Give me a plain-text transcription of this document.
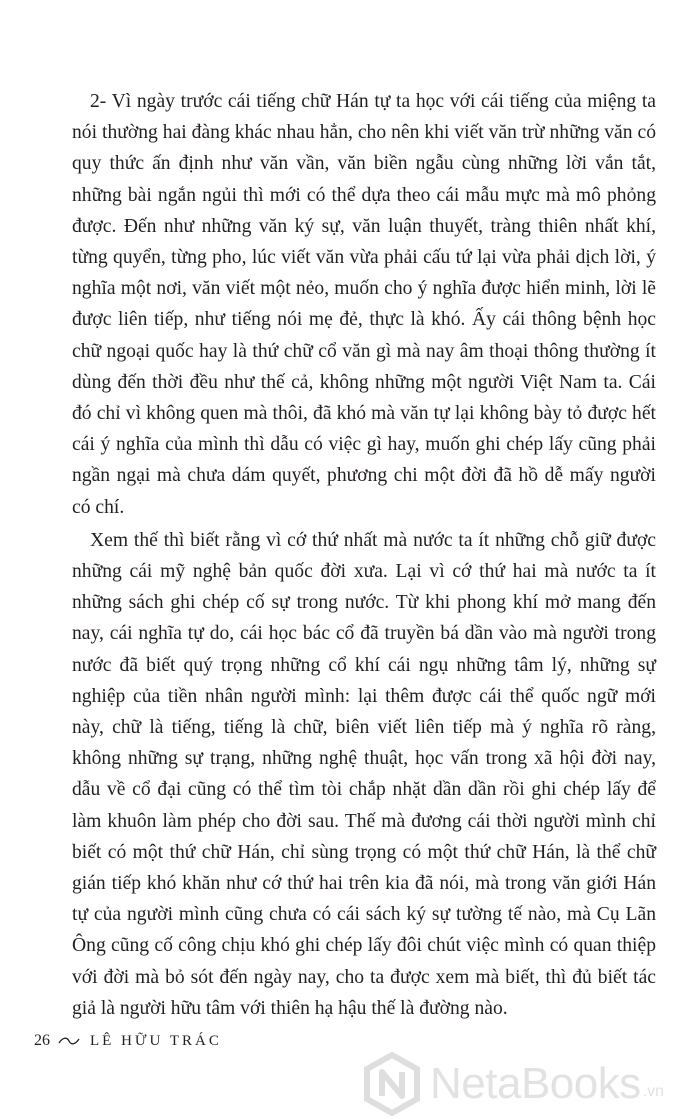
2- Vì ngày trước cái tiếng chữ Hán tự ta học với cái tiếng của miệng ta nói thường hai đàng khác nhau hẳn, cho nên khi viết văn trừ những văn có quy thức ấn định như văn vần, văn biền ngẫu cùng những lời vắn tắt, những bài ngắn ngủi thì mới có thể dựa theo cái mẫu mực mà mô phỏng được. Đến như những văn ký sự, văn luận thuyết, tràng thiên nhất khí, từng quyển, từng pho, lúc viết văn vừa phải cấu tứ lại vừa phải dịch lời, ý nghĩa một nơi, văn viết một nẻo, muốn cho ý nghĩa được hiển minh, lời lẽ được liên tiếp, như tiếng nói mẹ đẻ, thực là khó. Ấy cái thông bệnh học chữ ngoại quốc hay là thứ chữ cổ văn gì mà nay âm thoại thông thường ít dùng đến thời đều như thế cả, không những một người Việt Nam ta. Cái đó chỉ vì không quen mà thôi, đã khó mà văn tự lại không bày tỏ được hết cái ý nghĩa của mình thì dẫu có việc gì hay, muốn ghi chép lấy cũng phải ngần ngại mà chưa dám quyết, phương chi một đời đã hồ dễ mấy người có chí.

Xem thế thì biết rằng vì cớ thứ nhất mà nước ta ít những chỗ giữ được những cái mỹ nghệ bản quốc đời xưa. Lại vì cớ thứ hai mà nước ta ít những sách ghi chép cố sự trong nước. Từ khi phong khí mở mang đến nay, cái nghĩa tự do, cái học bác cổ đã truyền bá dần vào mà người trong nước đã biết quý trọng những cổ khí cái ngụ những tâm lý, những sự nghiệp của tiền nhân người mình: lại thêm được cái thể quốc ngữ mới này, chữ là tiếng, tiếng là chữ, biên viết liên tiếp mà ý nghĩa rõ ràng, không những sự trạng, những nghệ thuật, học vấn trong xã hội đời nay, dẫu về cổ đại cũng có thể tìm tòi chắp nhặt dần dần rồi ghi chép lấy để làm khuôn làm phép cho đời sau. Thế mà đương cái thời người mình chỉ biết có một thứ chữ Hán, chỉ sùng trọng có một thứ chữ Hán, là thể chữ gián tiếp khó khăn như cớ thứ hai trên kia đã nói, mà trong văn giới Hán tự của người mình cũng chưa có cái sách ký sự tường tế nào, mà Cụ Lãn Ông cũng cố công chịu khó ghi chép lấy đôi chút việc mình có quan thiệp với đời mà bỏ sót đến ngày nay, cho ta được xem mà biết, thì đủ biết tác giả là người hữu tâm với thiên hạ hậu thế là đường nào.

26	LÊ HỮU TRÁC
NetaBooks .vn
